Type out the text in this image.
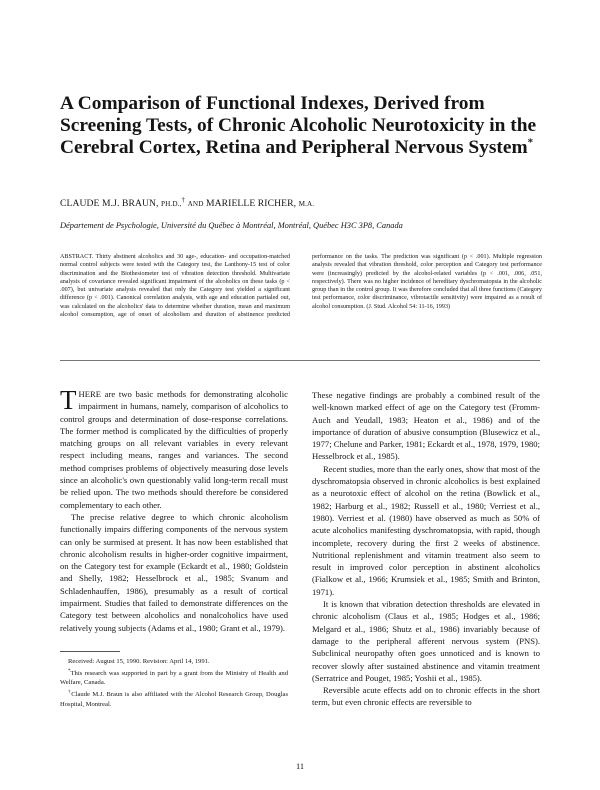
A Comparison of Functional Indexes, Derived from Screening Tests, of Chronic Alcoholic Neurotoxicity in the Cerebral Cortex, Retina and Peripheral Nervous System*
CLAUDE M.J. BRAUN, PH.D.,† AND MARIELLE RICHER, M.A.
Département de Psychologie, Université du Québec à Montréal, Montréal, Québec H3C 3P8, Canada

ABSTRACT. Thirty abstinent alcoholics and 30 age-, education- and occupation-matched normal control subjects were tested with the Category test, the Lanthony-15 test of color discrimination and the Biothesiometer test of vibration detection threshold. Multivariate analysis of covariance revealed significant impairment of the alcoholics on these tasks (p < .007), but univariate analysis revealed that only the Category test yielded a significant difference (p < .001). Canonical correlation analysis, with age and education partialed out, was calculated on the alcoholics' data to determine whether duration, mean and maximum alcohol consumption, age of onset of alcoholism and duration of abstinence predicted performance on the tasks. The prediction was significant (p < .001). Multiple regression analysis revealed that vibration threshold, color perception and Category test performance were (increasingly) predicted by the alcohol-related variables (p < .001, .006, .051, respectively). There was no higher incidence of hereditary dyschromatopsia in the alcoholic group than in the control group. It was therefore concluded that all three functions (Category test performance, color discriminance, vibrotactile sensitivity) were impaired as a result of alcohol consumption. (J. Stud. Alcohol 54: 11-16, 1993)

THERE are two basic methods for demonstrating alcoholic impairment in humans, namely, comparison of alcoholics to control groups and determination of dose-response correlations. The former method is complicated by the difficulties of properly matching groups on all relevant variables in every relevant respect including means, ranges and variances. The second method comprises problems of objectively measuring dose levels since an alcoholic's own questionably valid long-term recall must be relied upon. The two methods should therefore be considered complementary to each other.

The precise relative degree to which chronic alcoholism functionally impairs differing components of the nervous system can only be surmised at present. It has now been established that chronic alcoholism results in higher-order cognitive impairment, on the Category test for example (Eckardt et al., 1980; Goldstein and Shelly, 1982; Hesselbrock et al., 1985; Svanum and Schladenhauffen, 1986), presumably as a result of cortical impairment. Studies that failed to demonstrate differences on the Category test between alcoholics and nonalcoholics have used relatively young subjects (Adams et al., 1980; Grant et al., 1979).

Received: August 15, 1990. Revision: April 14, 1991.

*This research was supported in part by a grant from the Ministry of Health and Welfare, Canada.

†Claude M.J. Braun is also affiliated with the Alcohol Research Group, Douglas Hospital, Montreal.

These negative findings are probably a combined result of the well-known marked effect of age on the Category test (Fromm-Auch and Yeudall, 1983; Heaton et al., 1986) and of the importance of duration of abusive consumption (Blusewicz et al., 1977; Chelune and Parker, 1981; Eckardt et al., 1978, 1979, 1980; Hesselbrock et al., 1985).

Recent studies, more than the early ones, show that most of the dyschromatopsia observed in chronic alcoholics is best explained as a neurotoxic effect of alcohol on the retina (Bowlick et al., 1982; Harburg et al., 1982; Russell et al., 1980; Verriest et al., 1980). Verriest et al. (1980) have observed as much as 50% of acute alcoholics manifesting dyschromatopsia, with rapid, though incomplete, recovery during the first 2 weeks of abstinence. Nutritional replenishment and vitamin treatment also seem to result in improved color perception in abstinent alcoholics (Fialkow et al., 1966; Krumsiek et al., 1985; Smith and Brinton, 1971).

It is known that vibration detection thresholds are elevated in chronic alcoholism (Claus et al., 1985; Hodges et al., 1986; Melgard et al., 1986; Shutz et al., 1986) invariably because of damage to the peripheral afferent nervous system (PNS). Subclinical neuropathy often goes unnoticed and is known to recover slowly after sustained abstinence and vitamin treatment (Serratrice and Pouget, 1985; Yoshii et al., 1985).

Reversible acute effects add on to chronic effects in the short term, but even chronic effects are reversible to

11
